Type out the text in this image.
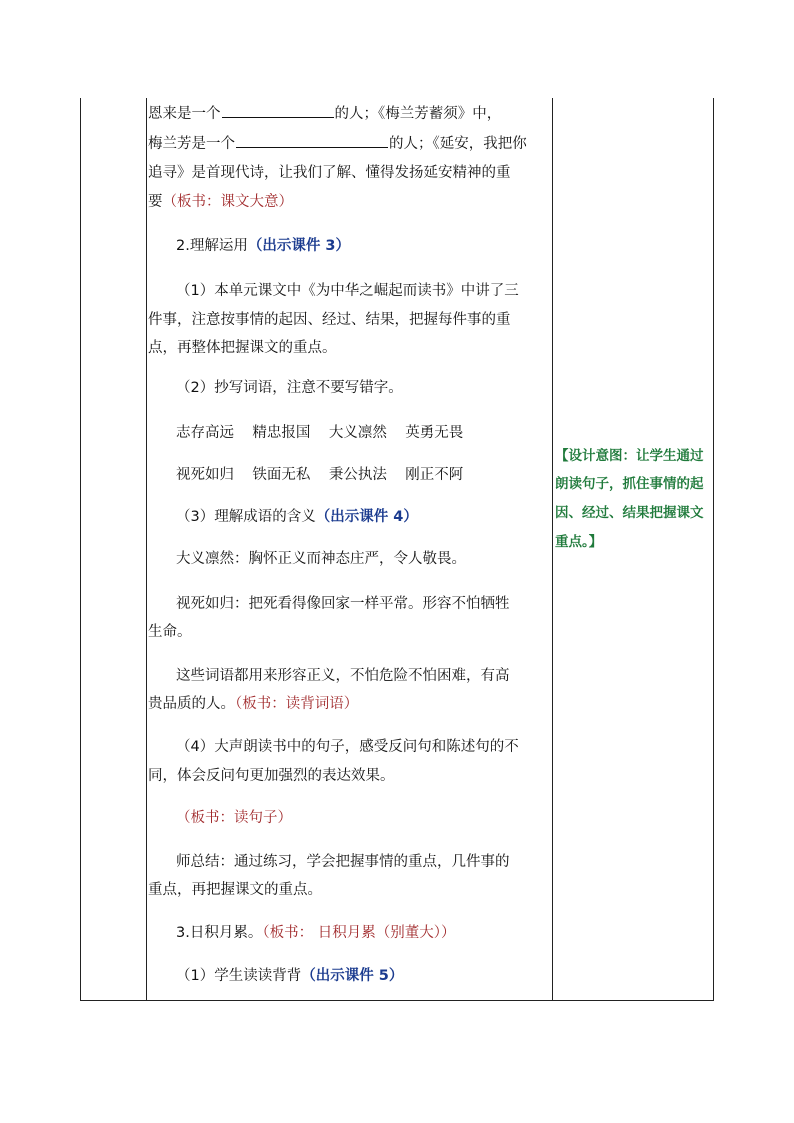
恩来是一个	的人；《梅兰芳蓄须》中，
梅兰芳是一个	的人；《延安，我把你
追寻》是首现代诗，让我们了解、懂得发扬延安精神的重
要（板书：课文大意）
2.理解运用（出示课件 3）
（1）本单元课文中《为中华之崛起而读书》中讲了三
件事，注意按事情的起因、经过、结果，把握每件事的重
点，再整体把握课文的重点。
（2）抄写词语，注意不要写错字。
志存高远    精忠报国    大义凛然    英勇无畏
视死如归    铁面无私    秉公执法    刚正不阿
（3）理解成语的含义（出示课件 4）
大义凛然：胸怀正义而神态庄严，令人敬畏。
视死如归：把死看得像回家一样平常。形容不怕牺牲
生命。
这些词语都用来形容正义，不怕危险不怕困难，有高
贵品质的人。（板书：读背词语）
（4）大声朗读书中的句子，感受反问句和陈述句的不
同，体会反问句更加强烈的表达效果。
（板书：读句子）
师总结：通过练习，学会把握事情的重点，几件事的
重点，再把握课文的重点。
3.日积月累。（板书： 日积月累（别董大））
（1）学生读读背背（出示课件 5）
【设计意图：让学生通过
朗读句子，抓住事情的起
因、经过、结果把握课文
重点。】
